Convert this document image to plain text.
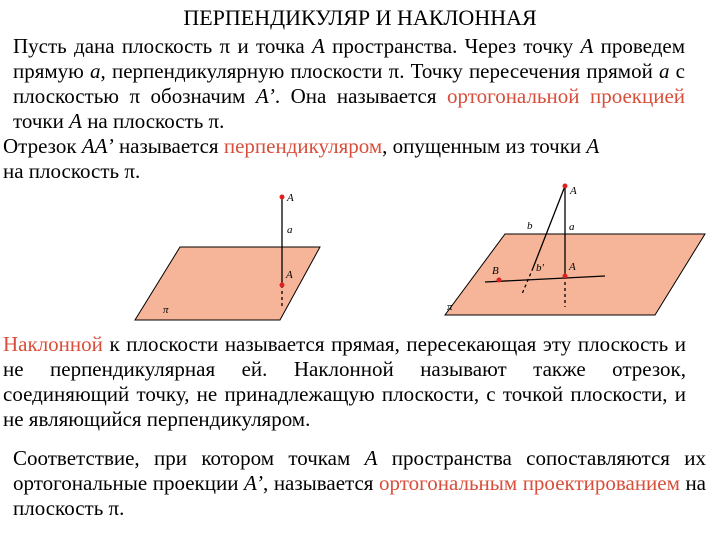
ПЕРПЕНДИКУЛЯР И НАКЛОННАЯ
Пусть дана плоскость π и точка A пространства. Через точку A проведем прямую a, перпендикулярную плоскости π. Точку пересечения прямой a с плоскостью π обозначим A’. Она называется ортогональной проекцией точки A на плоскость π.
Отрезок AA’ называется перпендикуляром, опущенным из точки A
на плоскость π.
A
a
A
π
A
a
b
B	b' A
π
Наклонной к плоскости называется прямая, пересекающая эту плоскость и не перпендикулярная ей. Наклонной называют также отрезок, соединяющий точку, не принадлежащую плоскости, с точкой плоскости, и не являющийся перпендикуляром.
Соответствие, при котором точкам A пространства сопоставляются их ортогональные проекции A’, называется ортогональным проектированием на плоскость π.
